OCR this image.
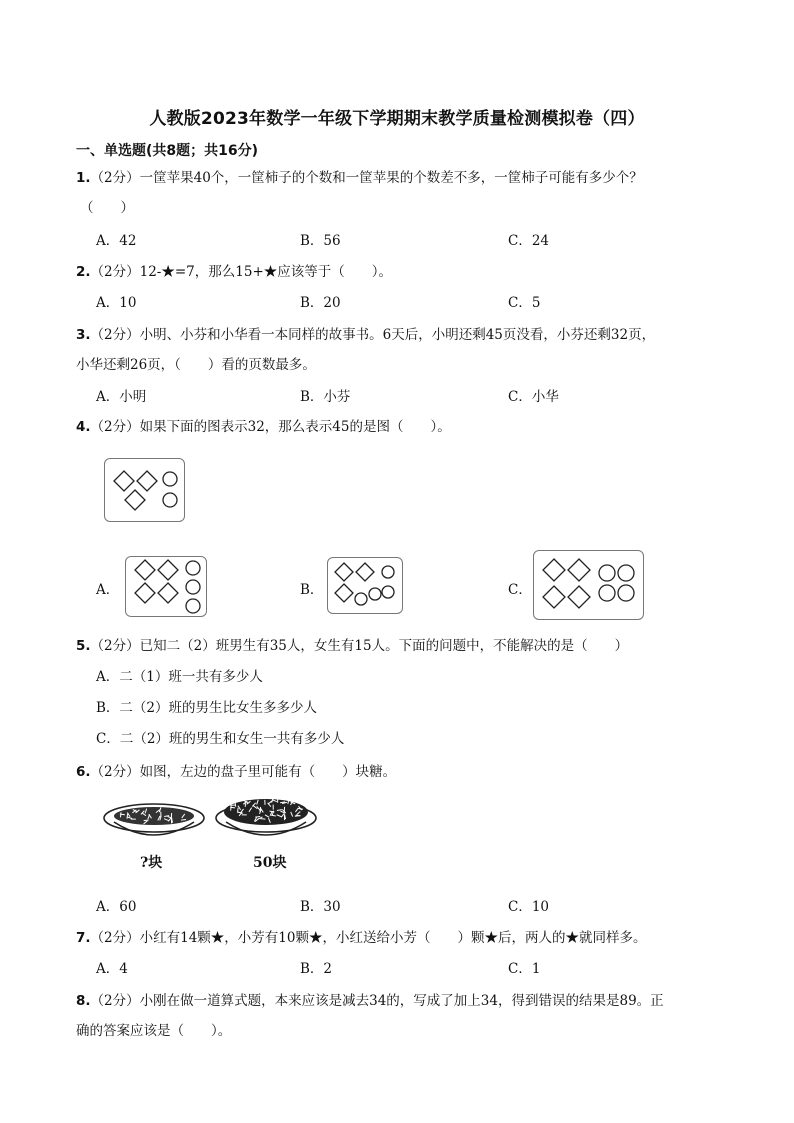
人教版2023年数学一年级下学期期末教学质量检测模拟卷（四）
一、单选题(共8题；共16分)
1.（2分）一筐苹果40个，一筐柿子的个数和一筐苹果的个数差不多，一筐柿子可能有多少个？
（　　）
A．42	B．56	C．24
2.（2分）12-★=7，那么15+★应该等于（　　）。
A．10	B．20	C．5
3.（2分）小明、小芬和小华看一本同样的故事书。6天后，小明还剩45页没看，小芬还剩32页，
小华还剩26页，（　　）看的页数最多。
A．小明	B．小芬	C．小华
4.（2分）如果下面的图表示32，那么表示45的是图（　　）。
A．	B．	C．
5.（2分）已知二（2）班男生有35人，女生有15人。下面的问题中，不能解决的是（　　）
A．二（1）班一共有多少人
B．二（2）班的男生比女生多多少人
C．二（2）班的男生和女生一共有多少人
6.（2分）如图，左边的盘子里可能有（　　）块糖。
?块	50块
A．60	B．30	C．10
7.（2分）小红有14颗★，小芳有10颗★，小红送给小芳（　　）颗★后，两人的★就同样多。
A．4	B．2	C．1
8.（2分）小刚在做一道算式题，本来应该是减去34的，写成了加上34，得到错误的结果是89。正
确的答案应该是（　　）。
